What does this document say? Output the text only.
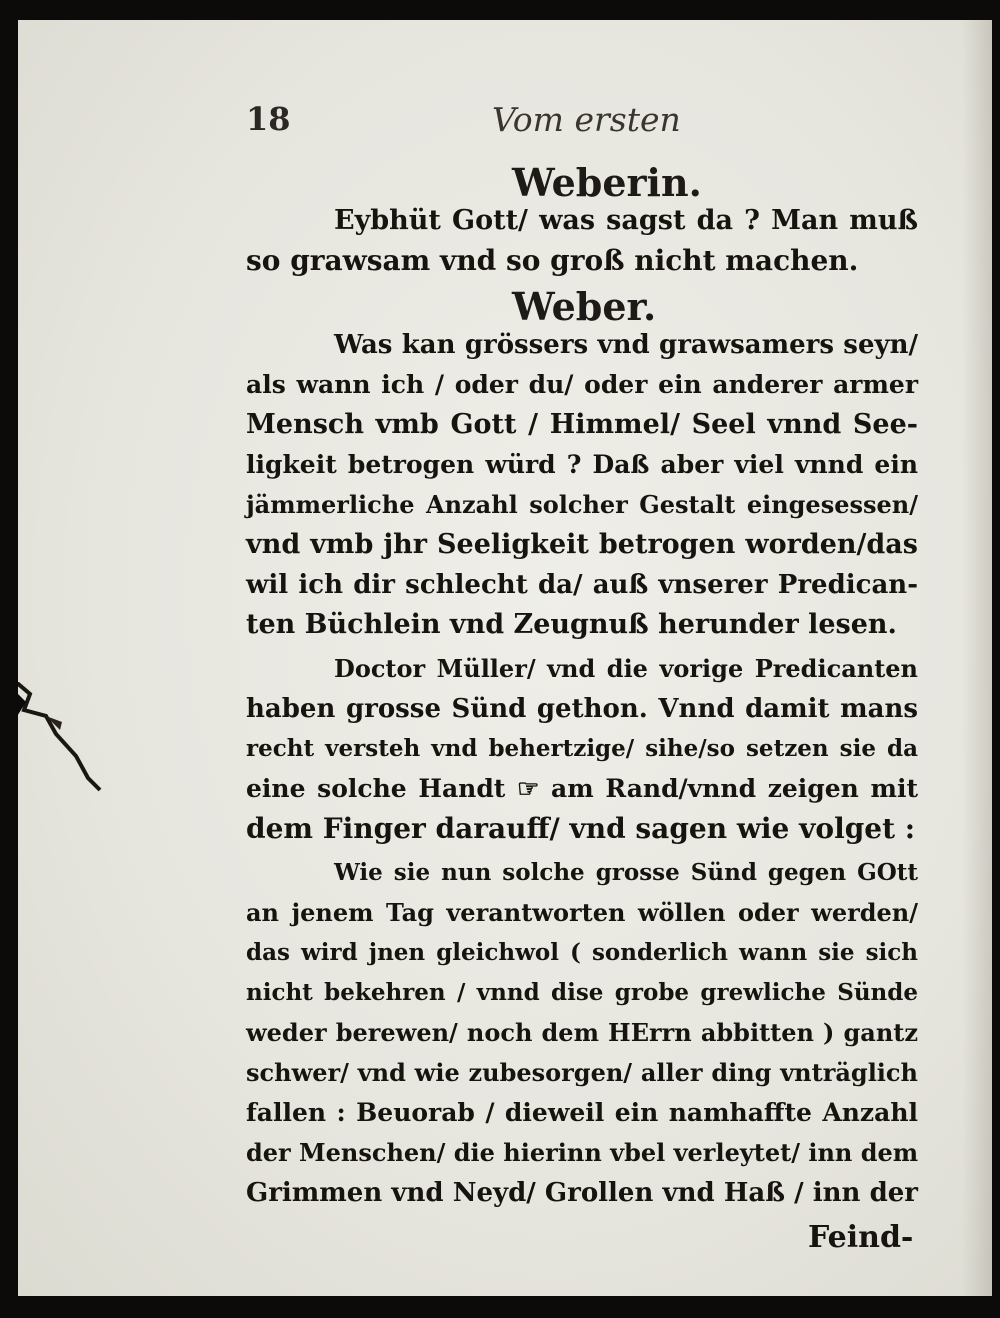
18	Vom ersten
Weberin.
Eybhüt Gott/ was sagst da ? Man muß
so grawsam vnd so groß nicht machen.
Weber.
Was kan grössers vnd grawsamers seyn/
als wann ich / oder du/ oder ein anderer armer
Mensch vmb Gott / Himmel/ Seel vnnd See-
ligkeit betrogen würd ? Daß aber viel vnnd ein
jämmerliche Anzahl solcher Gestalt eingesessen/
vnd vmb jhr Seeligkeit betrogen worden/das
wil ich dir schlecht da/ auß vnserer Predican-
ten Büchlein vnd Zeugnuß herunder lesen.
Doctor Müller/ vnd die vorige Predicanten
haben grosse Sünd gethon. Vnnd damit mans
recht versteh vnd behertzige/ sihe/so setzen sie da
eine solche Handt ☞ am Rand/vnnd zeigen mit
dem Finger darauff/ vnd sagen wie volget :
Wie sie nun solche grosse Sünd gegen GOtt
an jenem Tag verantworten wöllen oder werden/
das wird jnen gleichwol ( sonderlich wann sie sich
nicht bekehren / vnnd dise grobe grewliche Sünde
weder berewen/ noch dem HErrn abbitten ) gantz
schwer/ vnd wie zubesorgen/ aller ding vnträglich
fallen : Beuorab / dieweil ein namhaffte Anzahl
der Menschen/ die hierinn vbel verleytet/ inn dem
Grimmen vnd Neyd/ Grollen vnd Haß / inn der
Feind-
